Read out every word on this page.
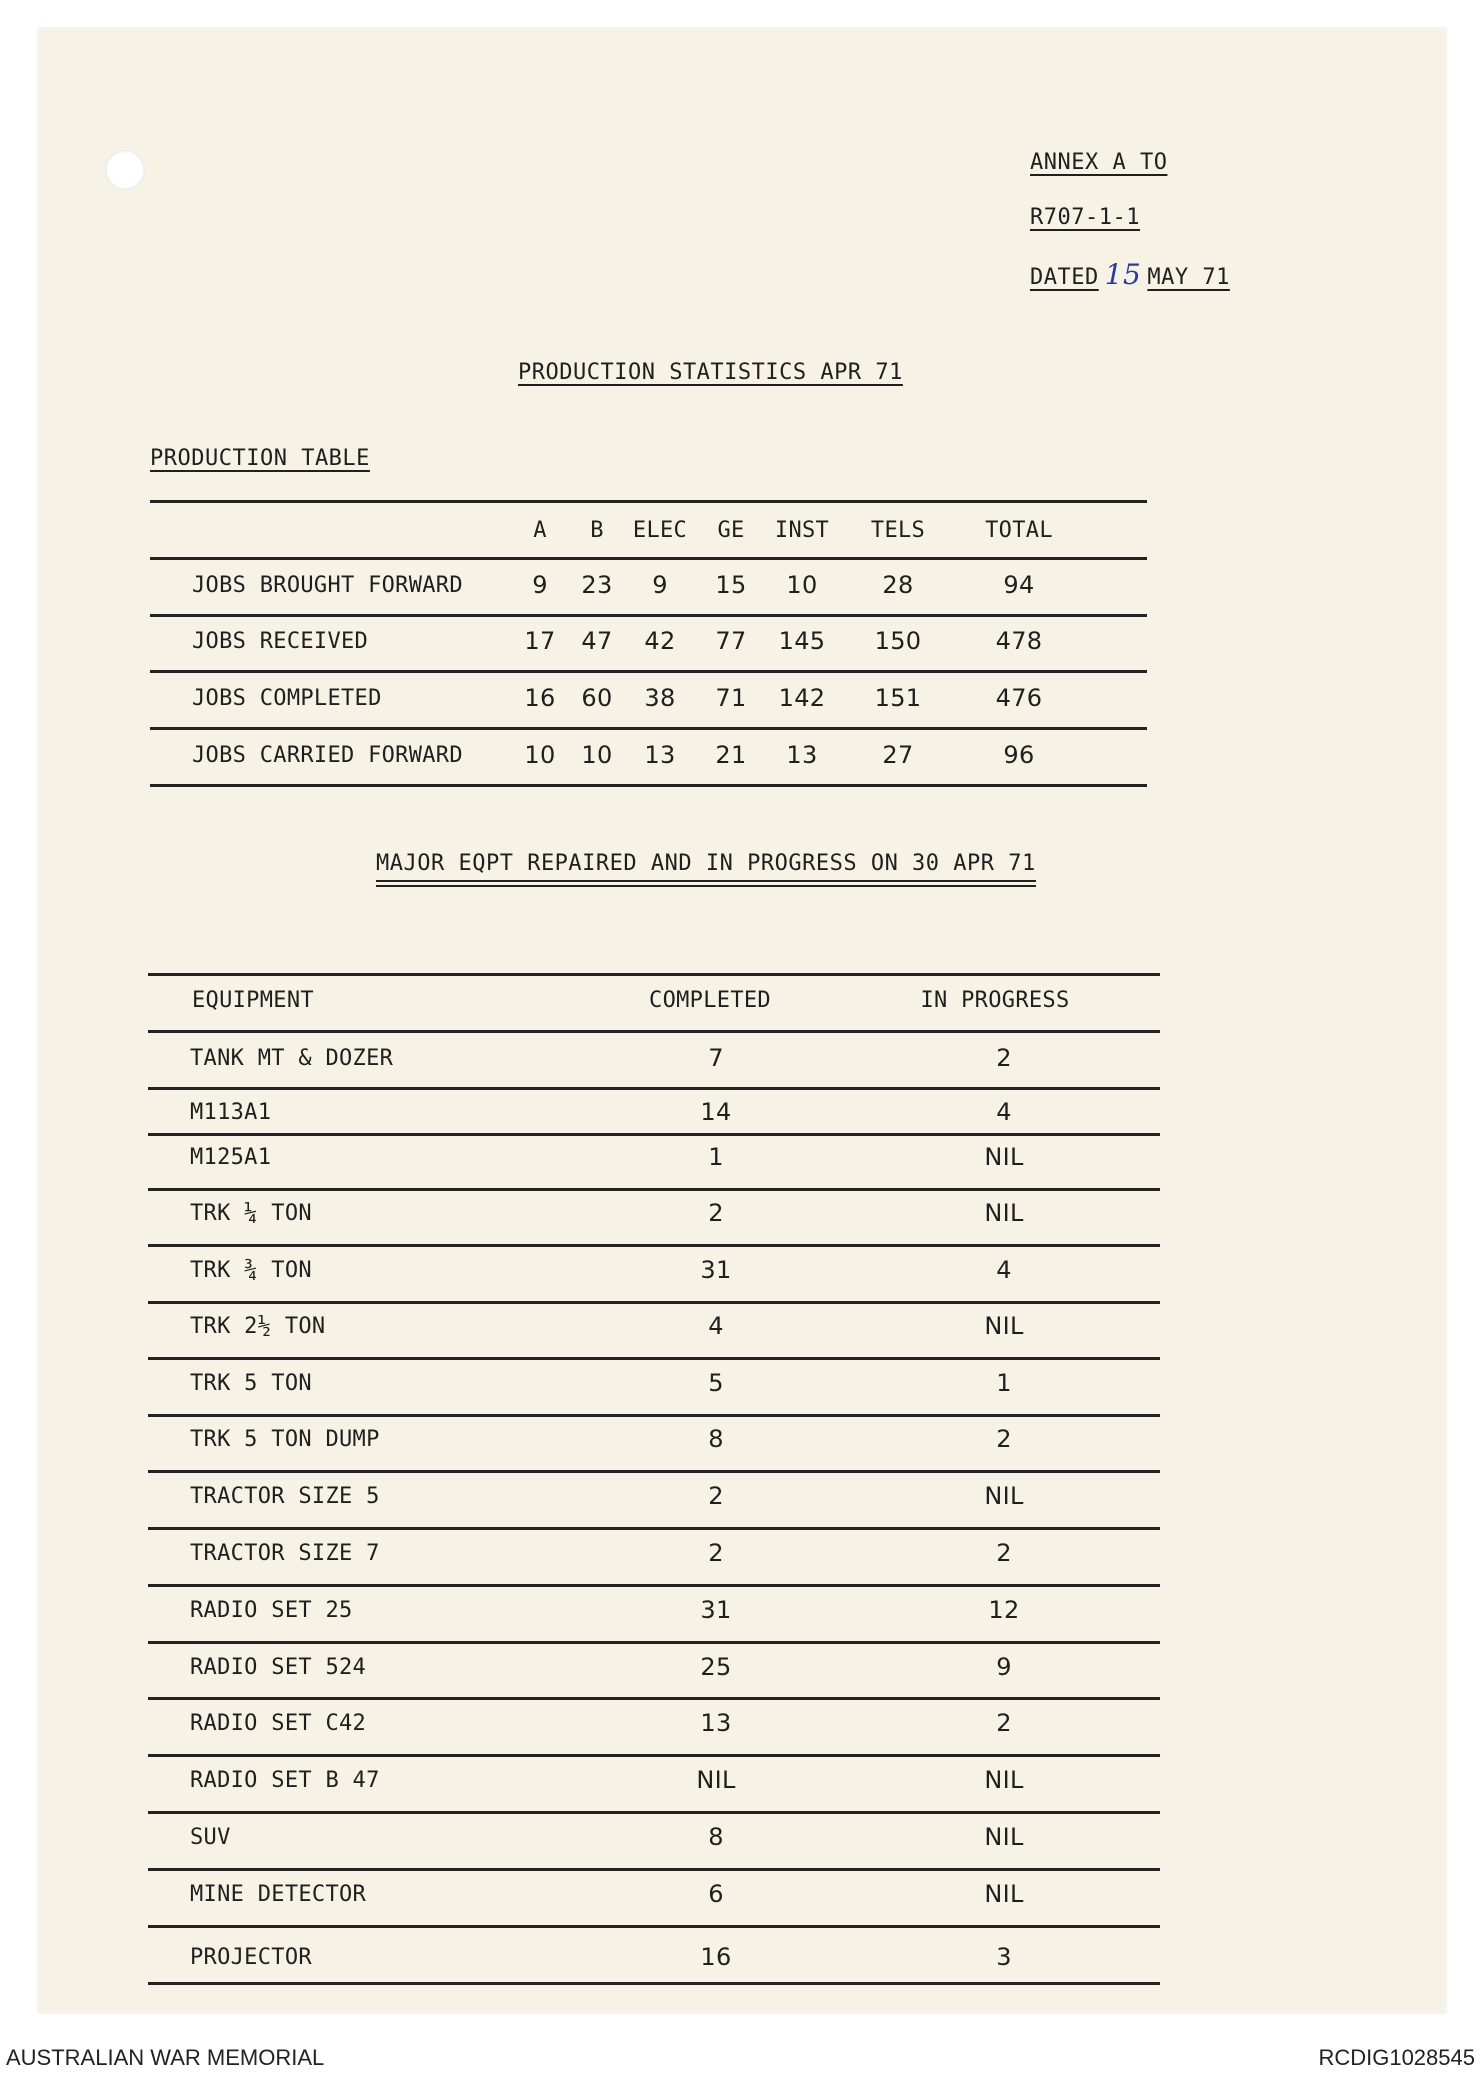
ANNEX A TO
R707-1-1
DATED 15 MAY 71
PRODUCTION STATISTICS APR 71
PRODUCTION TABLE
A B ELEC GE INST TELS	TOTAL
JOBS BROUGHT FORWARD	9 23 9 15 10	28	94
JOBS RECEIVED	17 47 42 77 145 150	478
JOBS COMPLETED	16 60 38 71 142 151	476
JOBS CARRIED FORWARD	10 10 13 21 13	27	96
MAJOR EQPT REPAIRED AND IN PROGRESS ON 30 APR 71
EQUIPMENT	COMPLETED	IN PROGRESS
TANK MT & DOZER	7	2
M113A1	14	4
M125A1	1	NIL
TRK ¼ TON	2	NIL
TRK ¾ TON	31	4
TRK 2½ TON	4	NIL
TRK 5 TON	5	1
TRK 5 TON DUMP	8	2
TRACTOR SIZE 5	2	NIL
TRACTOR SIZE 7	2	2
RADIO SET 25	31	12
RADIO SET 524	25	9
RADIO SET C42	13	2
RADIO SET B 47	NIL	NIL
SUV	8	NIL
MINE DETECTOR	6	NIL
PROJECTOR	16	3
AUSTRALIAN WAR MEMORIAL	RCDIG1028545
